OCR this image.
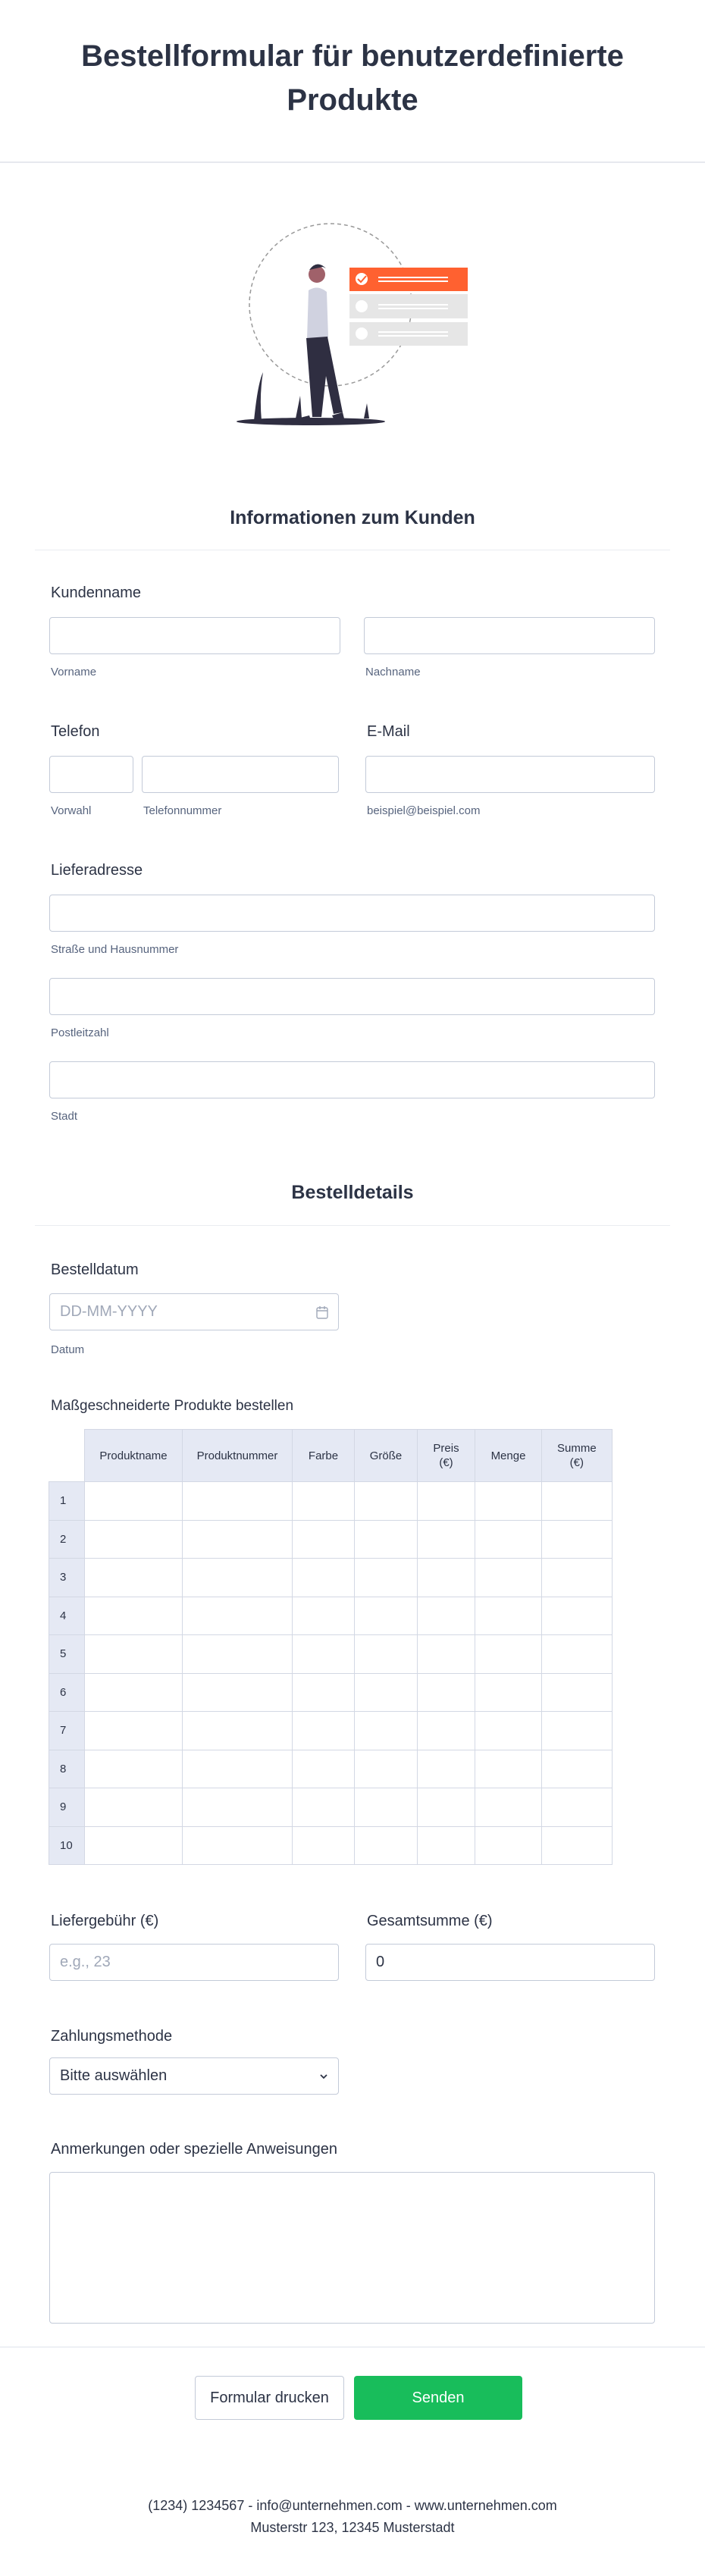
Bestellformular für benutzerdefinierte Produkte
Informationen zum Kunden
Kundenname
Vorname	Nachname
Telefon	E-Mail
Vorwahl	Telefonnummer	beispiel@beispiel.com
Lieferadresse
Straße und Hausnummer
Postleitzahl
Stadt
Bestelldetails
Bestelldatum
DD-MM-YYYY
Datum
Maßgeschneiderte Produkte bestellen
	Produktname	Produktnummer	Farbe	Größe	Preis (€)	Menge	Summe (€)
1							
2							
3							
4							
5							
6							
7							
8							
9							
10							
Liefergebühr (€)	Gesamtsumme (€)
e.g., 23	0
Zahlungsmethode
Bitte auswählen
Anmerkungen oder spezielle Anweisungen
Formular drucken	Senden
(1234) 1234567 - info@unternehmen.com - www.unternehmen.com
Musterstr 123, 12345 Musterstadt
